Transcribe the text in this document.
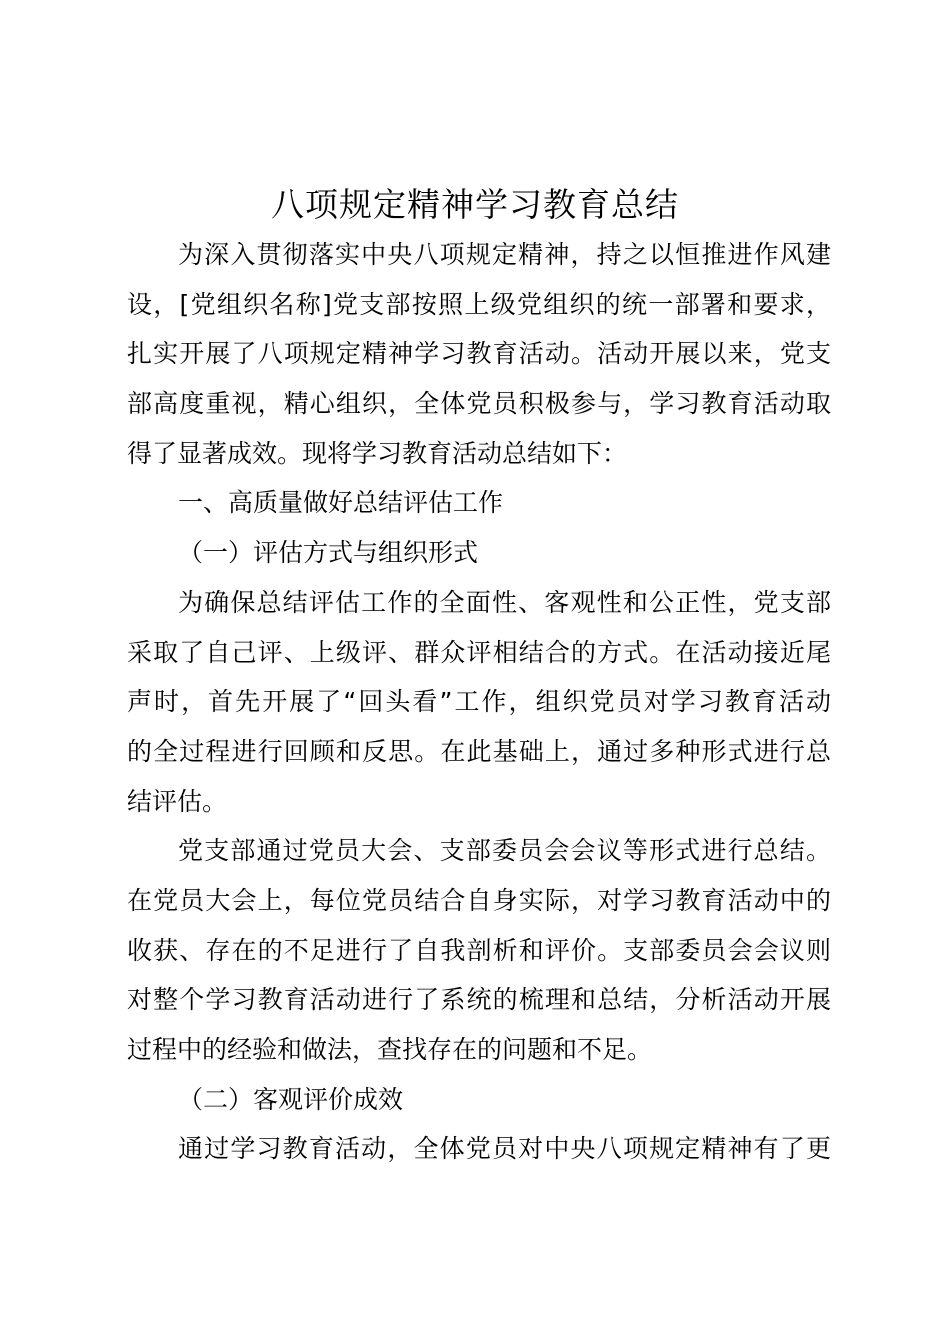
八项规定精神学习教育总结
为深入贯彻落实中央八项规定精神，持之以恒推进作风建
设，[党组织名称]党支部按照上级党组织的统一部署和要求，
扎实开展了八项规定精神学习教育活动。活动开展以来，党支
部高度重视，精心组织，全体党员积极参与，学习教育活动取
得了显著成效。现将学习教育活动总结如下：
一、高质量做好总结评估工作
（一）评估方式与组织形式
为确保总结评估工作的全面性、客观性和公正性，党支部
采取了自己评、上级评、群众评相结合的方式。在活动接近尾
声时，首先开展了“回头看”工作，组织党员对学习教育活动
的全过程进行回顾和反思。在此基础上，通过多种形式进行总
结评估。
党支部通过党员大会、支部委员会会议等形式进行总结。
在党员大会上，每位党员结合自身实际，对学习教育活动中的
收获、存在的不足进行了自我剖析和评价。支部委员会会议则
对整个学习教育活动进行了系统的梳理和总结，分析活动开展
过程中的经验和做法，查找存在的问题和不足。
（二）客观评价成效
通过学习教育活动，全体党员对中央八项规定精神有了更
